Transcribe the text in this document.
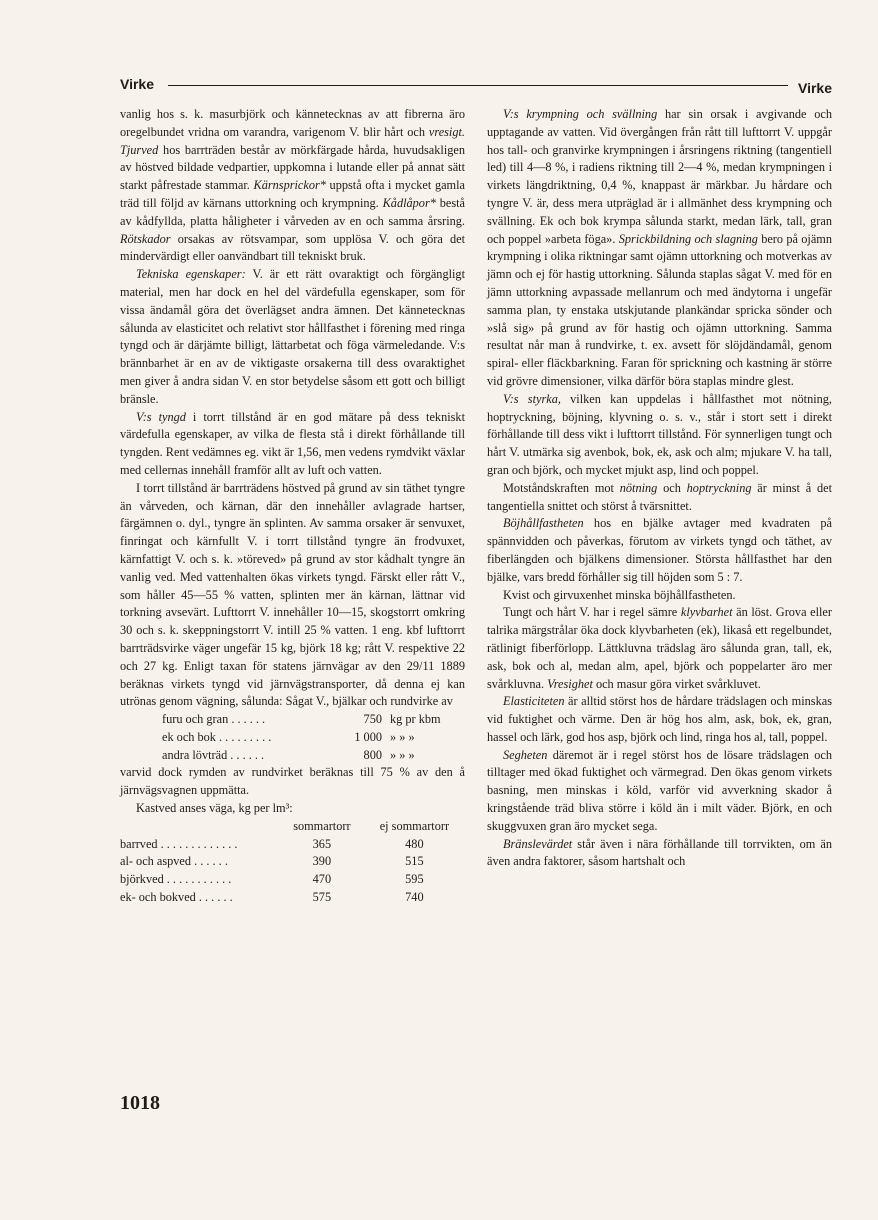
Virke	Virke

vanlig hos s. k. masurbjörk och kännetecknas av att fibrerna äro oregelbundet vridna om varandra, varigenom V. blir hårt och vresigt. Tjurved hos barrträden består av mörkfärgade hårda, huvudsakligen av höstved bildade vedpartier, uppkomna i lutande eller på annat sätt starkt påfrestade stammar. Kärnsprickor* uppstå ofta i mycket gamla träd till följd av kärnans uttorkning och krympning. Kådlåpor* bestå av kådfyllda, platta håligheter i vårveden av en och samma årsring. Rötskador orsakas av rötsvampar, som upplösa V. och göra det mindervärdigt eller oanvändbart till tekniskt bruk.

Tekniska egenskaper: V. är ett rätt ovaraktigt och förgängligt material, men har dock en hel del värdefulla egenskaper, som för vissa ändamål göra det överlägset andra ämnen. Det kännetecknas sålunda av elasticitet och relativt stor hållfasthet i förening med ringa tyngd och är därjämte billigt, lättarbetat och föga värmeledande. V:s brännbarhet är en av de viktigaste orsakerna till dess ovaraktighet men giver å andra sidan V. en stor betydelse såsom ett gott och billigt bränsle.

V:s tyngd i torrt tillstånd är en god mätare på dess tekniskt värdefulla egenskaper, av vilka de flesta stå i direkt förhållande till tyngden. Rent vedämnes eg. vikt är 1,56, men vedens rymdvikt växlar med cellernas innehåll framför allt av luft och vatten.

I torrt tillstånd är barrträdens höstved på grund av sin täthet tyngre än vårveden, och kärnan, där den innehåller avlagrade hartser, färgämnen o. dyl., tyngre än splinten. Av samma orsaker är senvuxet, finringat och kärnfullt V. i torrt tillstånd tyngre än frodvuxet, kärnfattigt V. och s. k. »töreved» på grund av stor kådhalt tyngre än vanlig ved. Med vattenhalten ökas virkets tyngd. Färskt eller rått V., som håller 45—55 % vatten, splinten mer än kärnan, lättnar vid torkning avsevärt. Lufttorrt V. innehåller 10—15, skogstorrt omkring 30 och s. k. skeppningstorrt V. intill 25 % vatten. 1 eng. kbf lufttorrt barrträdsvirke väger ungefär 15 kg, björk 18 kg; rått V. respektive 22 och 27 kg. Enligt taxan för statens järnvägar av den 29/11 1889 beräknas virkets tyngd vid järnvägstransporter, då denna ej kan utrönas genom vägning, sålunda: Sågat V., bjälkar och rundvirke av

furu och gran . . . . . .	750	kg pr kbm
ek och bok . . . . . . . . .	1 000	» » »
andra lövträd . . . . . .	800	» » »

varvid dock rymden av rundvirket beräknas till 75 % av den å järnvägsvagnen uppmätta.

Kastved anses väga, kg per lm³:

	sommartorr	ej sommartorr
barrved . . . . . . . . . . . . .	365	480
al- och aspved . . . . . .	390	515
björkved . . . . . . . . . . .	470	595
ek- och bokved . . . . . .	575	740

V:s krympning och svällning har sin orsak i avgivande och upptagande av vatten. Vid övergången från rått till lufttorrt V. uppgår hos tall- och granvirke krympningen i årsringens riktning (tangentiell led) till 4—8 %, i radiens riktning till 2—4 %, medan krympningen i virkets längdriktning, 0,4 %, knappast är märkbar. Ju hårdare och tyngre V. är, dess mera utpräglad är i allmänhet dess krympning och svällning. Ek och bok krympa sålunda starkt, medan lärk, tall, gran och poppel »arbeta föga». Sprickbildning och slagning bero på ojämn krympning i olika riktningar samt ojämn uttorkning och motverkas av jämn och ej för hastig uttorkning. Sålunda staplas sågat V. med för en jämn uttorkning avpassade mellanrum och med ändytorna i ungefär samma plan, ty enstaka utskjutande plankändar spricka sönder och »slå sig» på grund av för hastig och ojämn uttorkning. Samma resultat når man å rundvirke, t. ex. avsett för slöjdändamål, genom spiral- eller fläckbarkning. Faran för sprickning och kastning är större vid grövre dimensioner, vilka därför böra staplas mindre glest.

V:s styrka, vilken kan uppdelas i hållfasthet mot nötning, hoptryckning, böjning, klyvning o. s. v., står i stort sett i direkt förhållande till dess vikt i lufttorrt tillstånd. För synnerligen tungt och hårt V. utmärka sig avenbok, bok, ek, ask och alm; mjukare V. ha tall, gran och björk, och mycket mjukt asp, lind och poppel.

Motståndskraften mot nötning och hoptryckning är minst å det tangentiella snittet och störst å tvärsnittet.

Böjhållfastheten hos en bjälke avtager med kvadraten på spännvidden och påverkas, förutom av virkets tyngd och täthet, av fiberlängden och bjälkens dimensioner. Största hållfasthet har den bjälke, vars bredd förhåller sig till höjden som 5 : 7.

Kvist och girvuxenhet minska böjhållfastheten.

Tungt och hårt V. har i regel sämre klyvbarhet än löst. Grova eller talrika märgstrålar öka dock klyvbarheten (ek), likaså ett regelbundet, rätlinigt fiberförlopp. Lättkluvna trädslag äro sålunda gran, tall, ek, ask, bok och al, medan alm, apel, björk och poppelarter äro mer svårkluvna. Vresighet och masur göra virket svårkluvet.

Elasticiteten är alltid störst hos de hårdare trädslagen och minskas vid fuktighet och värme. Den är hög hos alm, ask, bok, ek, gran, hassel och lärk, god hos asp, björk och lind, ringa hos al, tall, poppel.

Segheten däremot är i regel störst hos de lösare trädslagen och tilltager med ökad fuktighet och värmegrad. Den ökas genom virkets basning, men minskas i köld, varför vid avverkning skador å kringstående träd bliva större i köld än i milt väder. Björk, en och skuggvuxen gran äro mycket sega.

Bränslevärdet står även i nära förhållande till torrvikten, om än även andra faktorer, såsom hartshalt och

1018
